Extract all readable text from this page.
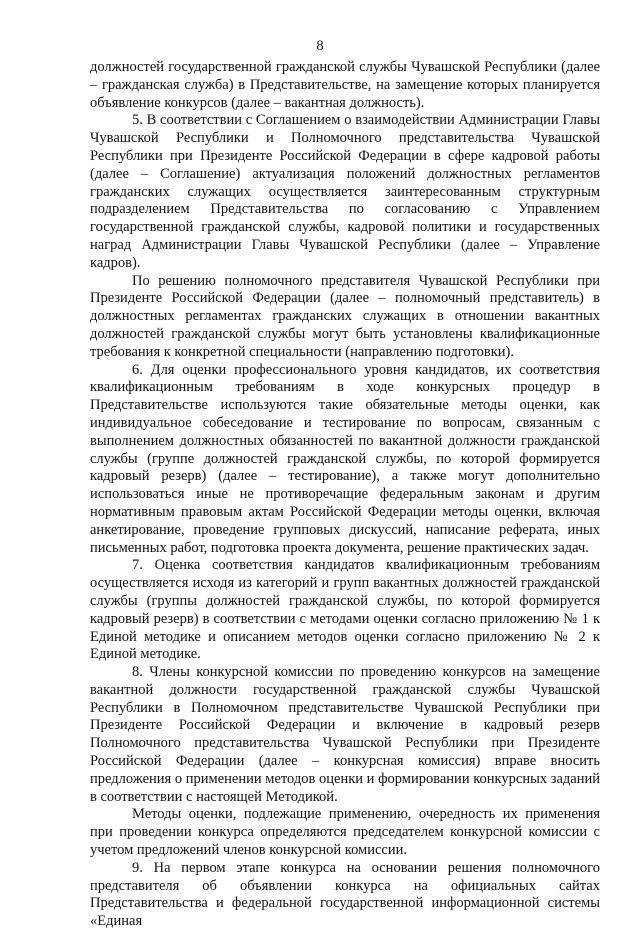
8

должностей государственной гражданской службы Чувашской Республики (далее – гражданская служба) в Представительстве, на замещение которых планируется объявление конкурсов (далее – вакантная должность).

5. В соответствии с Соглашением о взаимодействии Администрации Главы Чувашской Республики и Полномочного представительства Чувашской Республики при Президенте Российской Федерации в сфере кадровой работы (далее – Соглашение) актуализация положений должностных регламентов гражданских служащих осуществляется заинтересованным структурным подразделением Представительства по согласованию с Управлением государственной гражданской службы, кадровой политики и государственных наград Администрации Главы Чувашской Республики (далее – Управление кадров).

По решению полномочного представителя Чувашской Республики при Президенте Российской Федерации (далее – полномочный представитель) в должностных регламентах гражданских служащих в отношении вакантных должностей гражданской службы могут быть установлены квалификационные требования к конкретной специальности (направлению подготовки).

6. Для оценки профессионального уровня кандидатов, их соответствия квалификационным требованиям в ходе конкурсных процедур в Представительстве используются такие обязательные методы оценки, как индивидуальное собеседование и тестирование по вопросам, связанным с выполнением должностных обязанностей по вакантной должности гражданской службы (группе должностей гражданской службы, по которой формируется кадровый резерв) (далее – тестирование), а также могут дополнительно использоваться иные не противоречащие федеральным законам и другим нормативным правовым актам Российской Федерации методы оценки, включая анкетирование, проведение групповых дискуссий, написание реферата, иных письменных работ, подготовка проекта документа, решение практических задач.

7. Оценка соответствия кандидатов квалификационным требованиям осуществляется исходя из категорий и групп вакантных должностей гражданской службы (группы должностей гражданской службы, по которой формируется кадровый резерв) в соответствии с методами оценки согласно приложению № 1 к Единой методике и описанием методов оценки согласно приложению № 2 к Единой методике.

8. Члены конкурсной комиссии по проведению конкурсов на замещение вакантной должности государственной гражданской службы Чувашской Республики в Полномочном представительстве Чувашской Республики при Президенте Российской Федерации и включение в кадровый резерв Полномочного представительства Чувашской Республики при Президенте Российской Федерации (далее – конкурсная комиссия) вправе вносить предложения о применении методов оценки и формировании конкурсных заданий в соответствии с настоящей Методикой.

Методы оценки, подлежащие применению, очередность их применения при проведении конкурса определяются председателем конкурсной комиссии с учетом предложений членов конкурсной комиссии.

9. На первом этапе конкурса на основании решения полномочного представителя об объявлении конкурса на официальных сайтах Представительства и федеральной государственной информационной системы «Единая
